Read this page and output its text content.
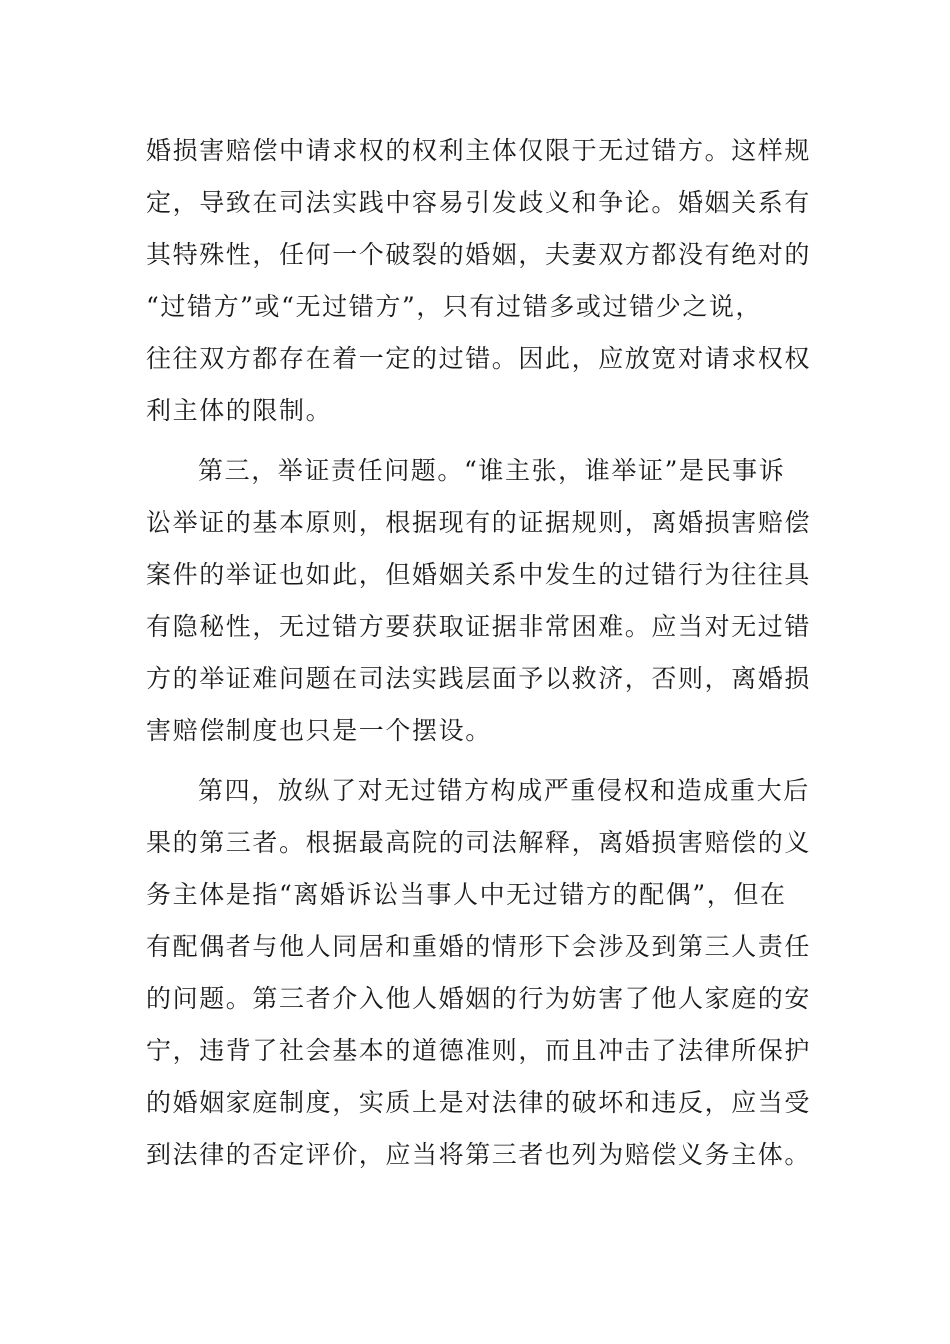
婚损害赔偿中请求权的权利主体仅限于无过错方。这样规
定，导致在司法实践中容易引发歧义和争论。婚姻关系有
其特殊性，任何一个破裂的婚姻，夫妻双方都没有绝对的
“过错方”或“无过错方”，只有过错多或过错少之说，
往往双方都存在着一定的过错。因此，应放宽对请求权权
利主体的限制。
第三，举证责任问题。“谁主张，谁举证”是民事诉
讼举证的基本原则，根据现有的证据规则，离婚损害赔偿
案件的举证也如此，但婚姻关系中发生的过错行为往往具
有隐秘性，无过错方要获取证据非常困难。应当对无过错
方的举证难问题在司法实践层面予以救济，否则，离婚损
害赔偿制度也只是一个摆设。
第四，放纵了对无过错方构成严重侵权和造成重大后
果的第三者。根据最高院的司法解释，离婚损害赔偿的义
务主体是指“离婚诉讼当事人中无过错方的配偶”，但在
有配偶者与他人同居和重婚的情形下会涉及到第三人责任
的问题。第三者介入他人婚姻的行为妨害了他人家庭的安
宁，违背了社会基本的道德准则，而且冲击了法律所保护
的婚姻家庭制度，实质上是对法律的破坏和违反，应当受
到法律的否定评价，应当将第三者也列为赔偿义务主体。
